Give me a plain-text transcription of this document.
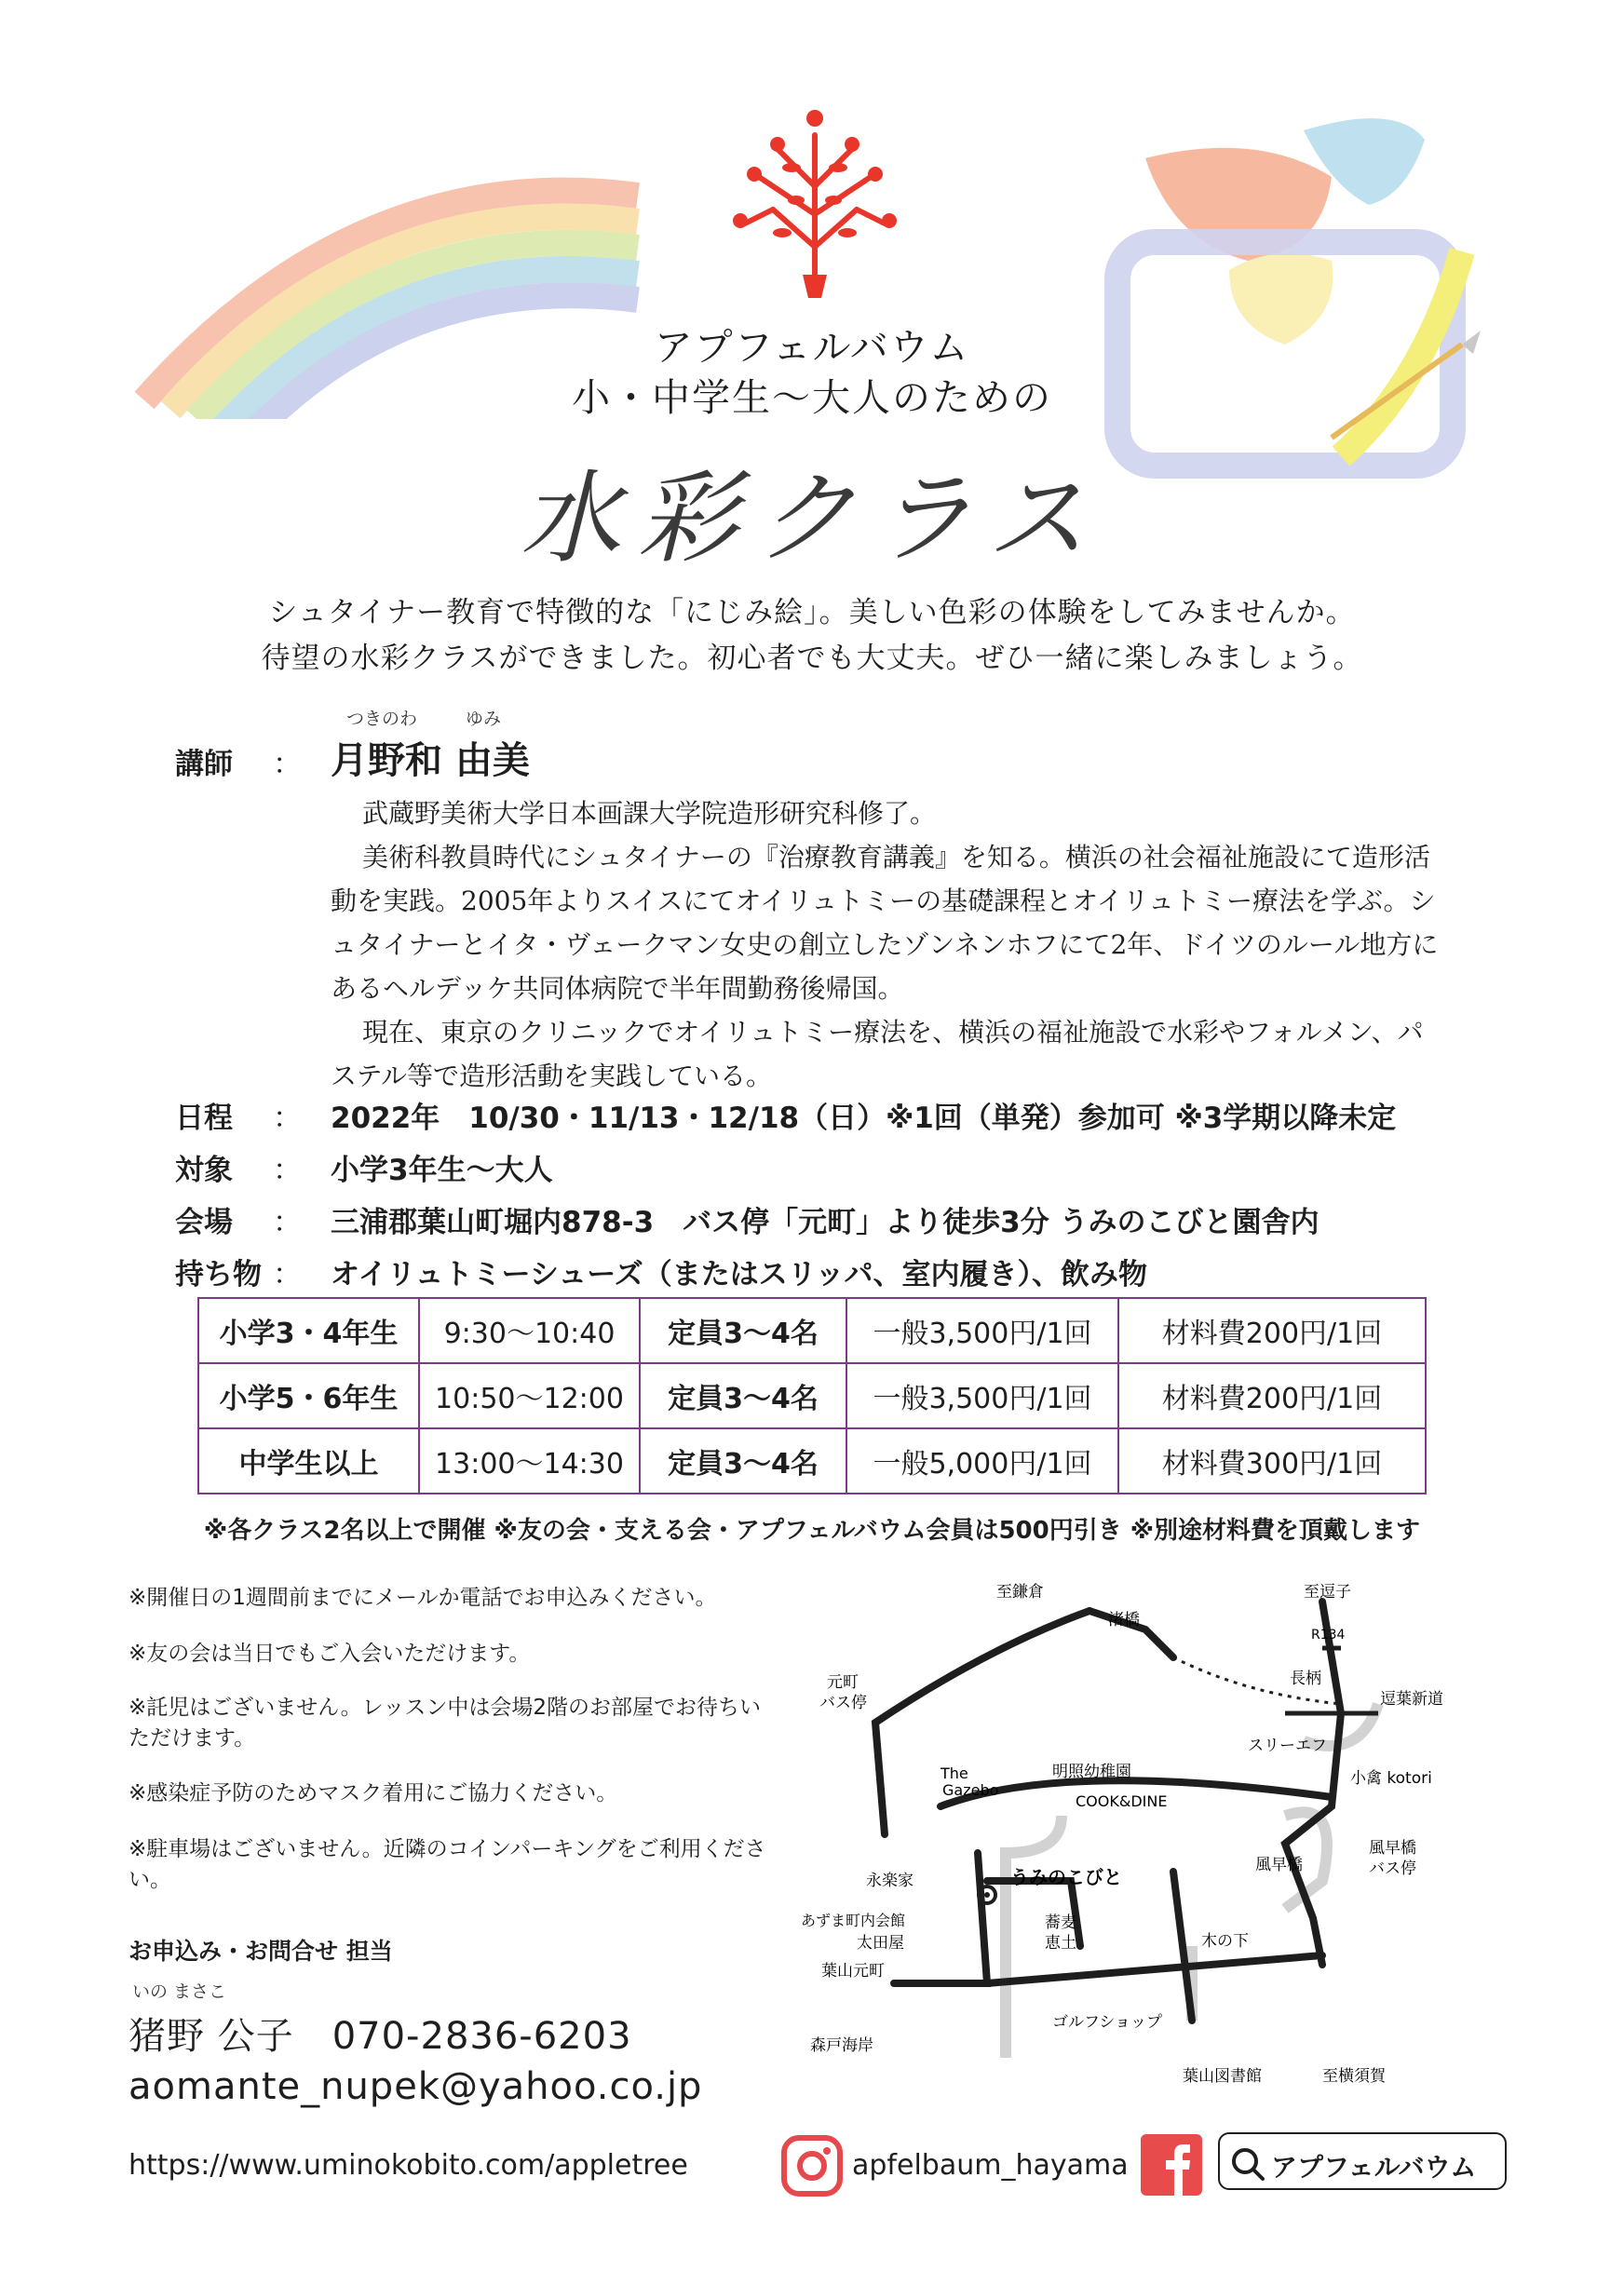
アプフェルバウム
小・中学生〜大人のための
水彩クラス
シュタイナー教育で特徴的な「にじみ絵」。美しい色彩の体験をしてみませんか。
待望の水彩クラスができました。初心者でも大丈夫。ぜひ一緒に楽しみましょう。
つきのわ	ゆみ
講師 ： 月野和 由美

武蔵野美術大学日本画課大学院造形研究科修了。

美術科教員時代にシュタイナーの『治療教育講義』を知る。横浜の社会福祉施設にて造形活動を実践。2005年よりスイスにてオイリュトミーの基礎課程とオイリュトミー療法を学ぶ。シュタイナーとイタ・ヴェークマン女史の創立したゾンネンホフにて2年、ドイツのルール地方にあるヘルデッケ共同体病院で半年間勤務後帰国。

現在、東京のクリニックでオイリュトミー療法を、横浜の福祉施設で水彩やフォルメン、パステル等で造形活動を実践している。

日程 ： 2022年　10/30・11/13・12/18（日）※1回（単発）参加可 ※3学期以降未定
対象 ： 小学3年生〜大人
会場 ： 三浦郡葉山町堀内878-3　バス停「元町」より徒歩3分 うみのこびと園舎内
持ち物 ： オイリュトミーシューズ（またはスリッパ、室内履き）、飲み物
小学3・4年生	9:30〜10:40	定員3〜4名	一般3,500円/1回	材料費200円/1回
小学5・6年生	10:50〜12:00	定員3〜4名	一般3,500円/1回	材料費200円/1回
中学生以上	13:00〜14:30	定員3〜4名	一般5,000円/1回	材料費300円/1回
※各クラス2名以上で開催 ※友の会・支える会・アプフェルバウム会員は500円引き ※別途材料費を頂戴します
※開催日の1週間前までにメールか電話でお申込みください。
※友の会は当日でもご入会いただけます。
※託児はございません。レッスン中は会場2階のお部屋でお待ちいただけます。
※感染症予防のためマスク着用にご協力ください。
※駐車場はございません。近隣のコインパーキングをご利用ください。
お申込み・お問合せ 担当
いの まさこ
猪野 公子　070-2836-6203
aomante_nupek@yahoo.co.jp
至鎌倉
渚橋
至逗子
R134
長柄
逗葉新道
元町
バス停
The
Gazebo
明照幼稚園
COOK&DINE
スリーエフ
小禽 kotori
風早橋
風早橋
バス停
永楽家
あずま町内会館
太田屋
葉山元町
うみのこびと
蕎麦
恵土	木の下
ゴルフショップ
森戸海岸
葉山図書館	至横須賀
https://www.uminokobito.com/appletree	apfelbaum_hayama	アプフェルバウム
